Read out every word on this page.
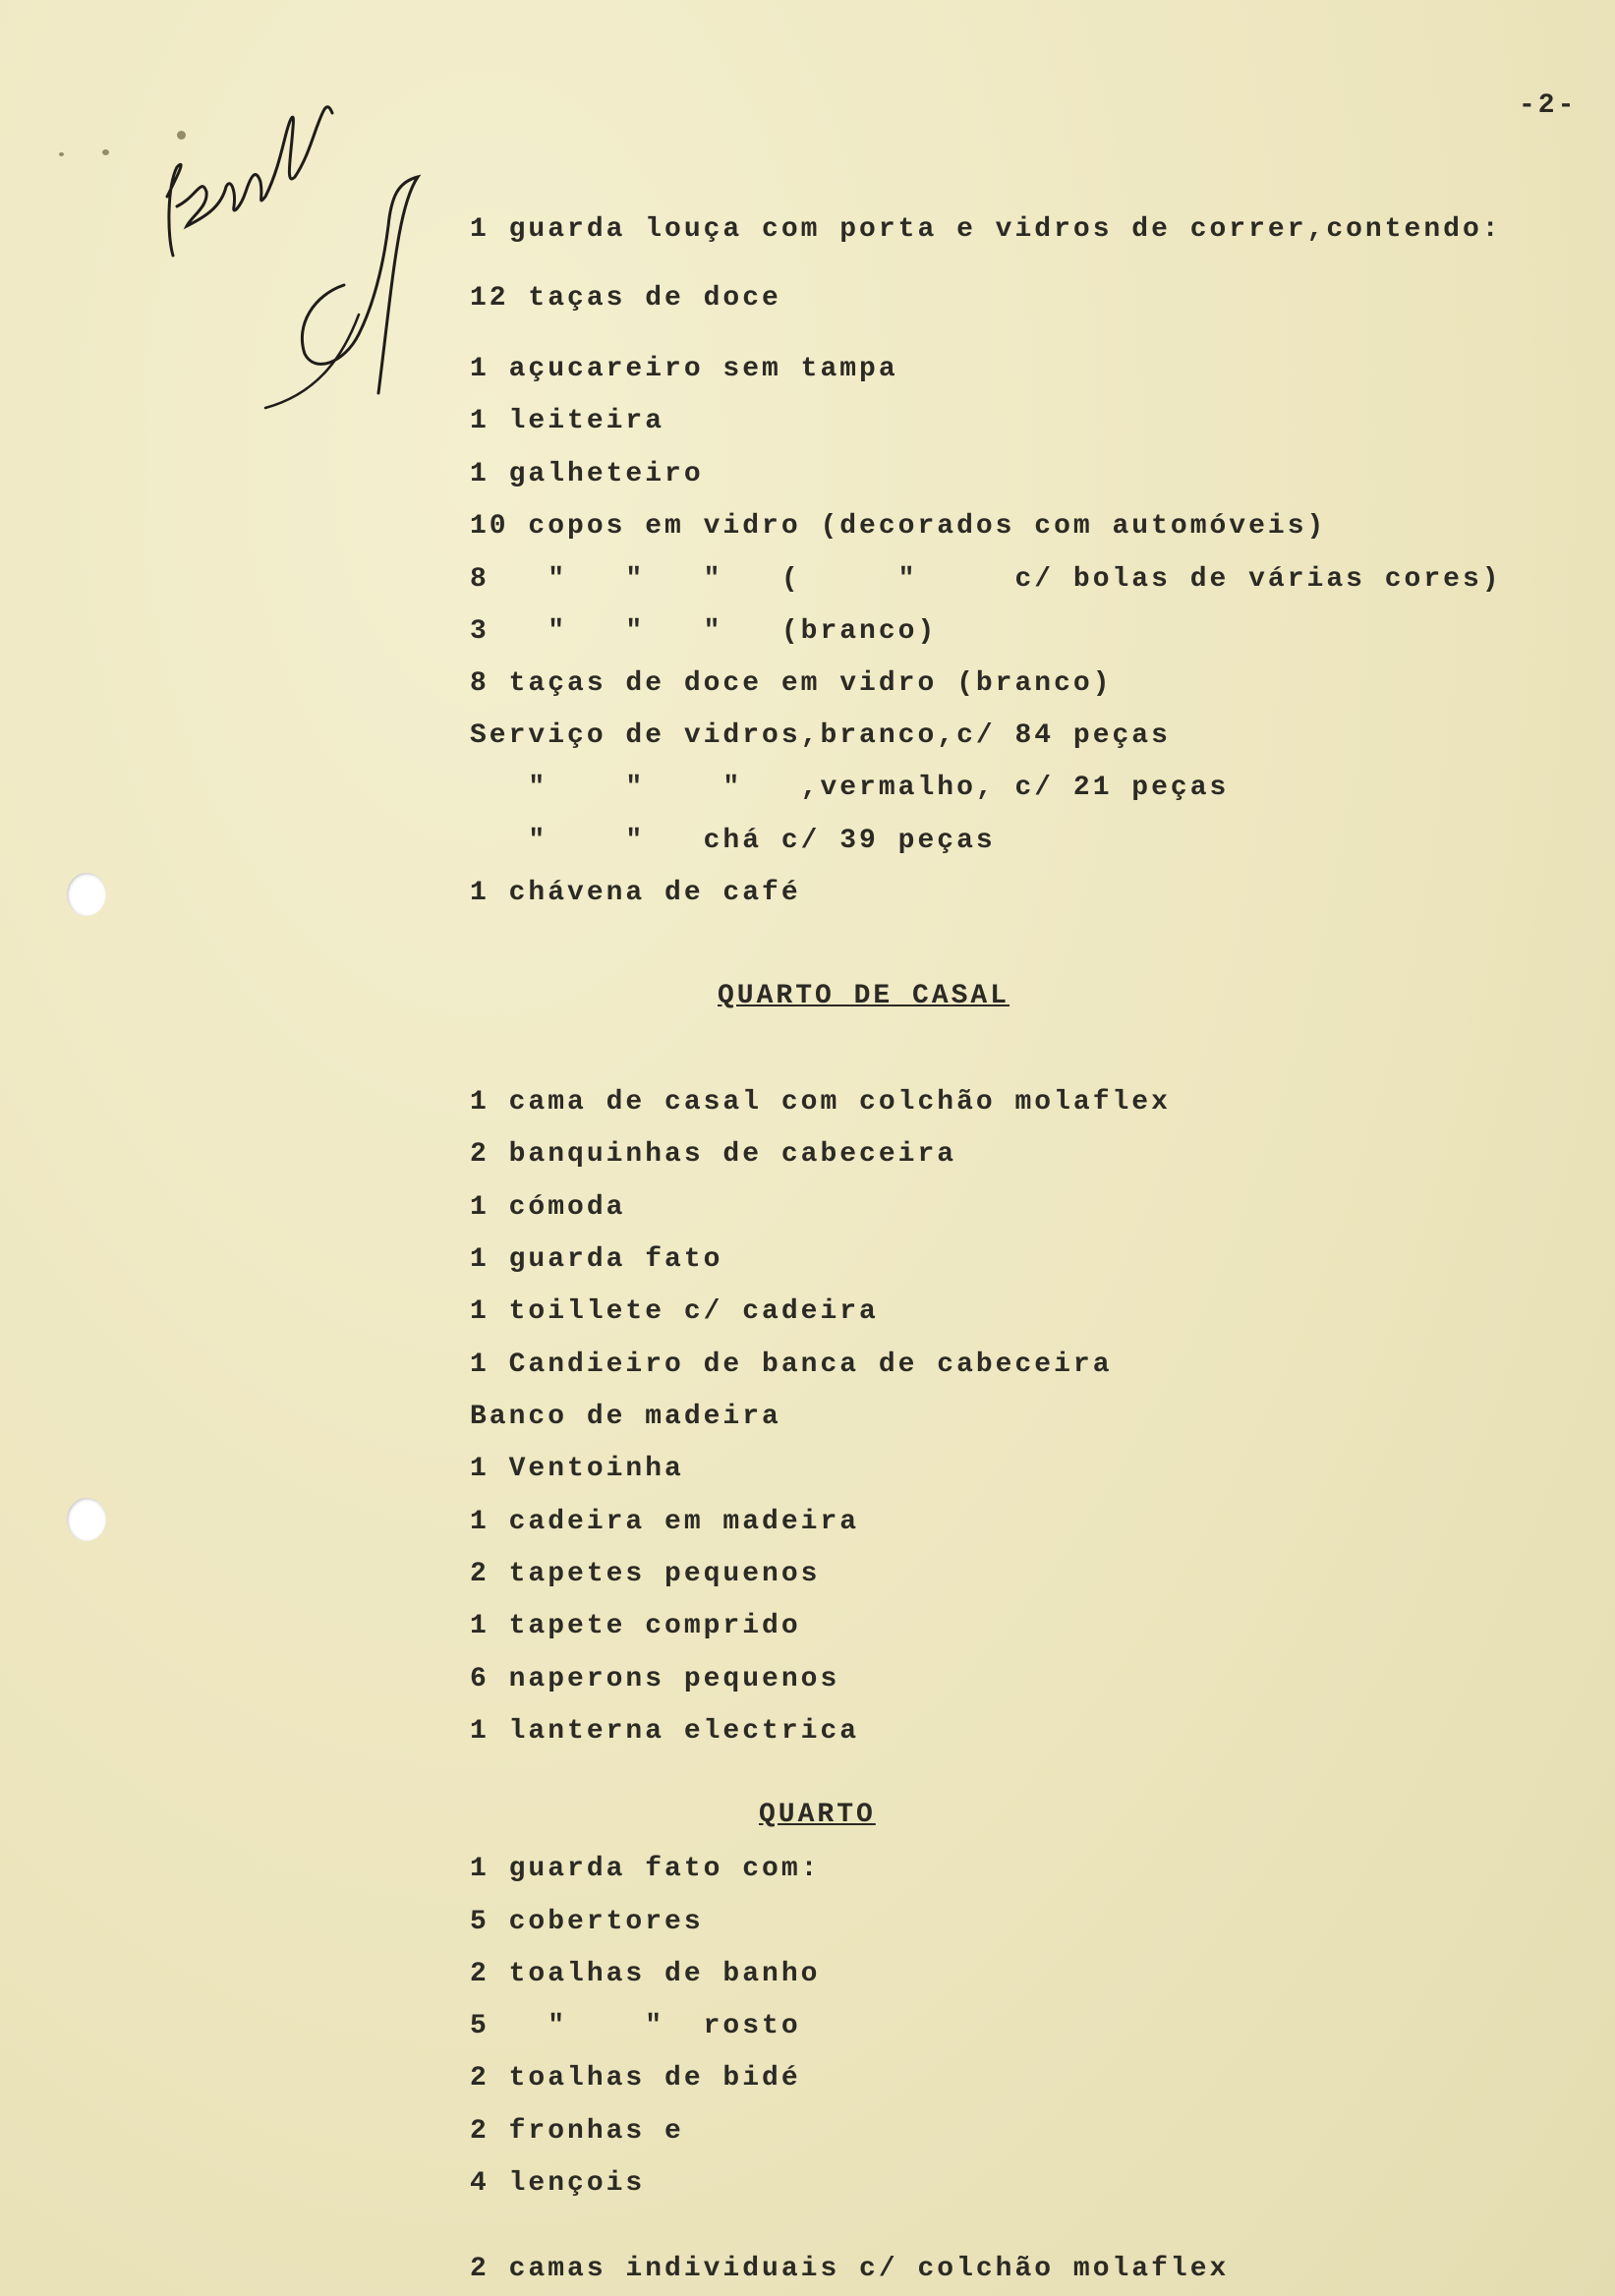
-2-
1 guarda louça com porta e vidros de correr,contendo:
12 taças de doce
1 açucareiro sem tampa
1 leiteira
1 galheteiro
10 copos em vidro (decorados com automóveis)
8   "   "   "   (     "     c/ bolas de várias cores)
3   "   "   "   (branco)
8 taças de doce em vidro (branco)
Serviço de vidros,branco,c/ 84 peças
"    "    "   ,vermalho, c/ 21 peças
"    "   chá c/ 39 peças
1 chávena de café
QUARTO DE CASAL
1 cama de casal com colchão molaflex
2 banquinhas de cabeceira
1 cómoda
1 guarda fato
1 toillete c/ cadeira
1 Candieiro de banca de cabeceira
Banco de madeira
1 Ventoinha
1 cadeira em madeira
2 tapetes pequenos
1 tapete comprido
6 naperons pequenos
1 lanterna electrica
QUARTO
1 guarda fato com:
5 cobertores
2 toalhas de banho
5   "    "  rosto
2 toalhas de bidé
2 fronhas e
4 lençois
2 camas individuais c/ colchão molaflex
